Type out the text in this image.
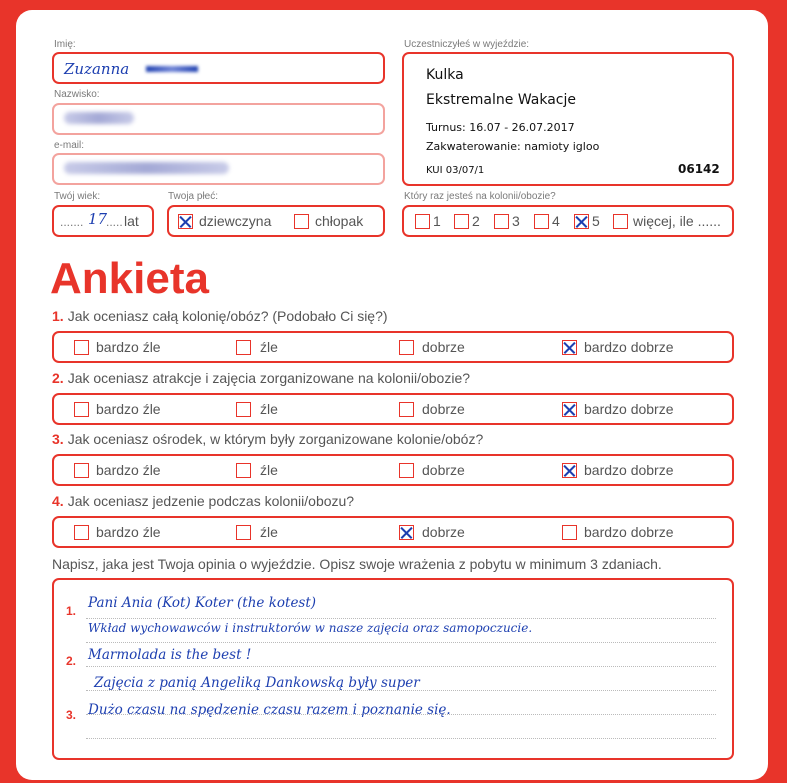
Imię:
Zuzanna
Nazwisko:
e-mail:
Twój wiek:
....... 17
..... lat
Twoja płeć:
dziewczyna	chłopak
Uczestniczyłeś w wyjeździe:
Kulka
Ekstremalne Wakacje
Turnus: 16.07 - 26.07.2017
Zakwaterowanie: namioty igloo
KUI 03/07/1	06142
Który raz jesteś na kolonii/obozie?
1 2 3 4 5 więcej, ile ......
Ankieta
1. Jak oceniasz całą kolonię/obóz? (Podobało Ci się?)
bardzo źle	źle	dobrze	bardzo dobrze
2. Jak oceniasz atrakcje i zajęcia zorganizowane na kolonii/obozie?
bardzo źle	źle	dobrze	bardzo dobrze
3. Jak oceniasz ośrodek, w którym były zorganizowane kolonie/obóz?
bardzo źle	źle	dobrze	bardzo dobrze
4. Jak oceniasz jedzenie podczas kolonii/obozu?
bardzo źle	źle	dobrze	bardzo dobrze
Napisz, jaka jest Twoja opinia o wyjeździe. Opisz swoje wrażenia z pobytu w minimum 3 zdaniach.
1.
2.
3.
Pani Ania (Kot) Koter (the kotest)
Wkład wychowawców i instruktorów w nasze zajęcia oraz samopoczucie.
Marmolada is the best !
Zajęcia z panią Angeliką Dankowską były super
Dużo czasu na spędzenie czasu razem i poznanie się.
